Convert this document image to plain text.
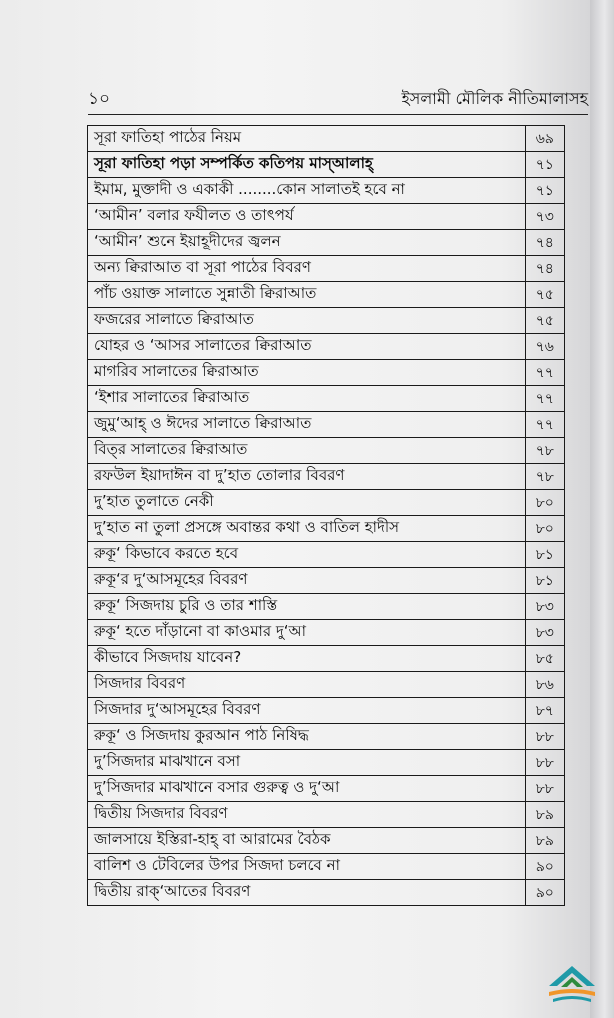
১০	ইসলামী মৌলিক নীতিমালাসহ
সূরা ফাতিহা পাঠের নিয়ম	৬৯
সূরা ফাতিহা পড়া সম্পর্কিত কতিপয় মাস্‌আলাহ্‌	৭১
ইমাম, মুক্তাদী ও একাকী ........কোন সালাতই হবে না	৭১
‘আমীন’ বলার ফযীলত ও তাৎপর্য	৭৩
‘আমীন’ শুনে ইয়াহূদীদের জ্বলন	৭৪
অন্য ক্বিরাআত বা সূরা পাঠের বিবরণ	৭৪
পাঁচ ওয়াক্ত সালাতে সুন্নাতী ক্বিরাআত	৭৫
ফজরের সালাতে ক্বিরাআত	৭৫
যোহর ও ‘আসর সালাতের ক্বিরাআত	৭৬
মাগরিব সালাতের ক্বিরাআত	৭৭
‘ইশার সালাতের ক্বিরাআত	৭৭
জুমু‘আহ্ ও ঈদের সালাতে ক্বিরাআত	৭৭
বিত্‌র সালাতের ক্বিরাআত	৭৮
রফউল ইয়াদাঈন বা দু’হাত তোলার বিবরণ	৭৮
দু’হাত তুলাতে নেকী	৮০
দু’হাত না তুলা প্রসঙ্গে অবান্তর কথা ও বাতিল হাদীস	৮০
রুকূ‘ কিভাবে করতে হবে	৮১
রুকূ‘র দু‘আসমূহের বিবরণ	৮১
রুকূ‘ সিজদায় চুরি ও তার শাস্তি	৮৩
রুকূ‘ হতে দাঁড়ানো বা কাওমার দু‘আ	৮৩
কীভাবে সিজদায় যাবেন?	৮৫
সিজদার বিবরণ	৮৬
সিজদার দু‘আসমূহের বিবরণ	৮৭
রুকূ‘ ও সিজদায় কুরআন পাঠ নিষিদ্ধ	৮৮
দু’সিজদার মাঝখানে বসা	৮৮
দু’সিজদার মাঝখানে বসার গুরুত্ব ও দু‘আ	৮৮
দ্বিতীয় সিজদার বিবরণ	৮৯
জালসায়ে ইস্তিরা-হাহ্ বা আরামের বৈঠক	৮৯
বালিশ ও টেবিলের উপর সিজদা চলবে না	৯০
দ্বিতীয় রাক্‘আতের বিবরণ	৯০
